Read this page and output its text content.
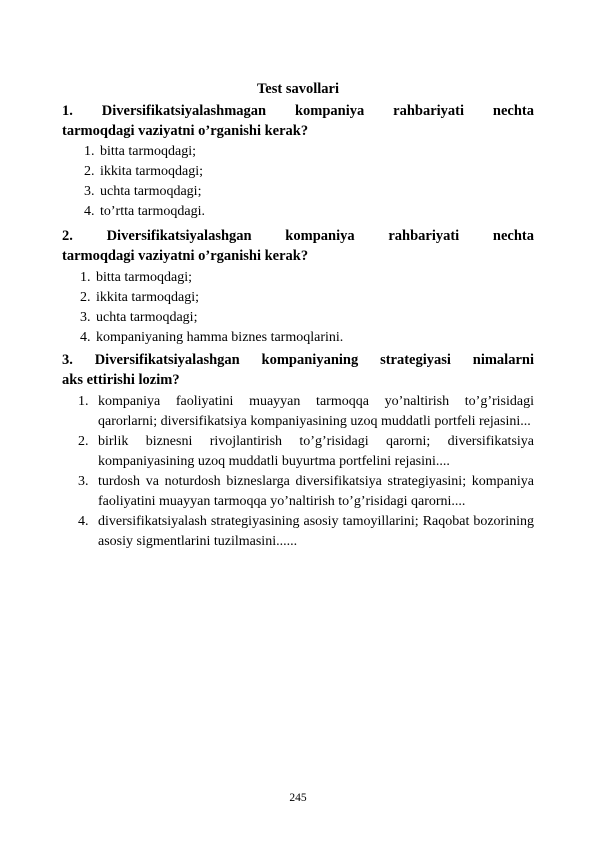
Test savollari
1. Diversifikatsiyalashmagan kompaniya rahbariyati nechta
tarmoqdagi vaziyatni o’rganishi kerak?
1. bitta tarmoqdagi;
2. ikkita tarmoqdagi;
3. uchta tarmoqdagi;
4. to’rtta tarmoqdagi.
2. Diversifikatsiyalashgan kompaniya rahbariyati nechta
tarmoqdagi vaziyatni o’rganishi kerak?
1. bitta tarmoqdagi;
2. ikkita tarmoqdagi;
3. uchta tarmoqdagi;
4. kompaniyaning hamma biznes tarmoqlarini.
3. Diversifikatsiyalashgan kompaniyaning strategiyasi nimalarni
aks ettirishi lozim?
1. kompaniya faoliyatini muayyan tarmoqqa yo’naltirish to’g’risidagi qarorlarni; diversifikatsiya kompaniyasining uzoq muddatli portfeli rejasini...
2. birlik biznesni rivojlantirish to’g’risidagi qarorni; diversifikatsiya kompaniyasining uzoq muddatli buyurtma portfelini rejasini....
3. turdosh va noturdosh bizneslarga diversifikatsiya strategiyasini; kompaniya faoliyatini muayyan tarmoqqa yo’naltirish to’g’risidagi qarorni....
4. diversifikatsiyalash strategiyasining asosiy tamoyillarini; Raqobat bozorining asosiy sigmentlarini tuzilmasini......
245
